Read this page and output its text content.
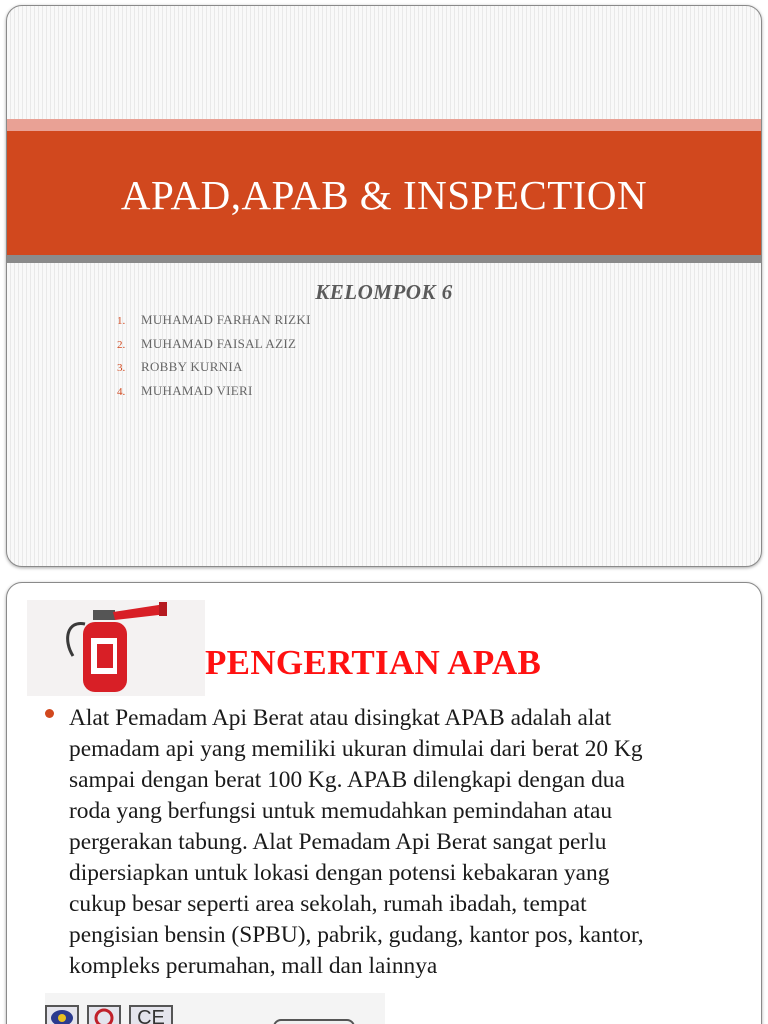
APAD,APAB & INSPECTION
KELOMPOK 6
1.	MUHAMAD FARHAN RIZKI
2.	MUHAMAD FAISAL AZIZ
3.	ROBBY KURNIA
4.	MUHAMAD VIERI
PENGERTIAN APAB
Alat Pemadam Api Berat atau disingkat APAB adalah alat
pemadam api yang memiliki ukuran dimulai dari berat 20 Kg
sampai dengan berat 100 Kg. APAB dilengkapi dengan dua
roda yang berfungsi untuk memudahkan pemindahan atau
pergerakan tabung. Alat Pemadam Api Berat sangat perlu
dipersiapkan untuk lokasi dengan potensi kebakaran yang
cukup besar seperti area sekolah, rumah ibadah, tempat
pengisian bensin (SPBU), pabrik, gudang, kantor pos, kantor,
kompleks perumahan, mall dan lainnya
CE
